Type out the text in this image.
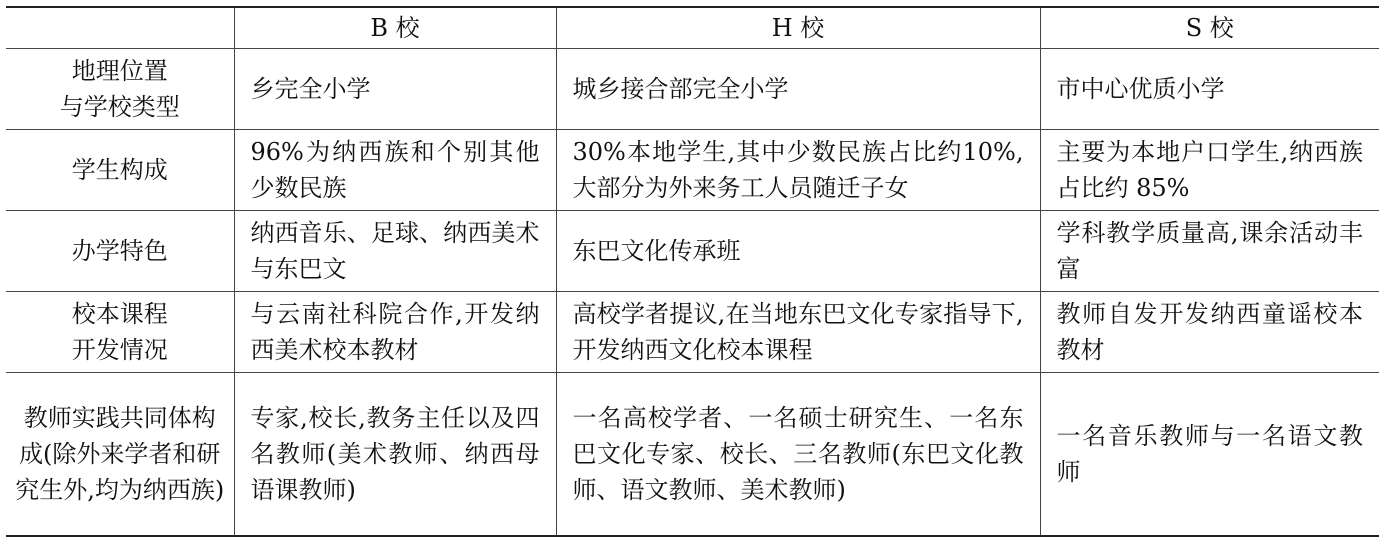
	B 校	H 校	S 校
地理位置
与学校类型	乡完全小学	城乡接合部完全小学	市中心优质小学
学生构成	96%为纳西族和个别其他少数民族	30%本地学生,其中少数民族占比约10%,大部分为外来务工人员随迁子女	主要为本地户口学生,纳西族占比约 85%
办学特色	纳西音乐、足球、纳西美术与东巴文	东巴文化传承班	学科教学质量高,课余活动丰富
校本课程
开发情况	与云南社科院合作,开发纳西美术校本教材	高校学者提议,在当地东巴文化专家指导下,开发纳西文化校本课程	教师自发开发纳西童谣校本教材
教师实践共同体构成(除外来学者和研究生外,均为纳西族)	专家,校长,教务主任以及四名教师(美术教师、纳西母语课教师)	一名高校学者、一名硕士研究生、一名东巴文化专家、校长、三名教师(东巴文化教师、语文教师、美术教师)	一名音乐教师与一名语文教师
